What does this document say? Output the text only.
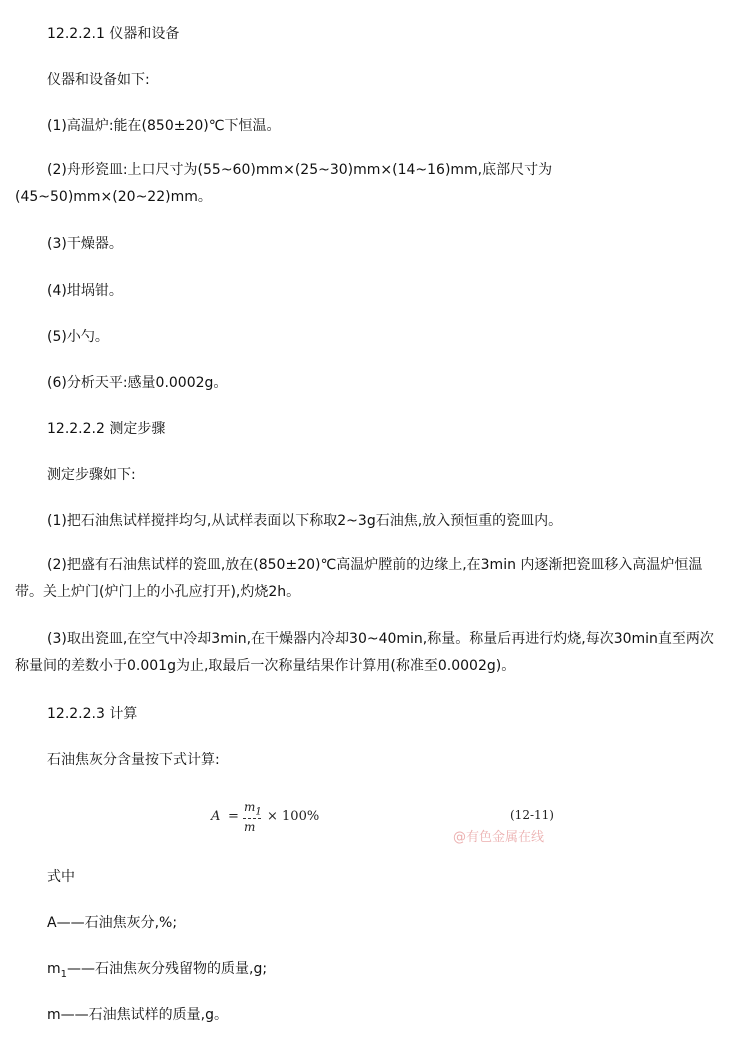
12.2.2.1 仪器和设备
仪器和设备如下:
(1)高温炉:能在(850±20)℃下恒温。
(2)舟形瓷皿:上口尺寸为(55~60)mm×(25~30)mm×(14~16)mm,底部尺寸为(45~50)mm×(20~22)mm。
(3)干燥器。
(4)坩埚钳。
(5)小勺。
(6)分析天平:感量0.0002g。
12.2.2.2 测定步骤
测定步骤如下:
(1)把石油焦试样搅拌均匀,从试样表面以下称取2~3g石油焦,放入预恒重的瓷皿内。
(2)把盛有石油焦试样的瓷皿,放在(850±20)℃高温炉膛前的边缘上,在3min 内逐渐把瓷皿移入高温炉恒温带。关上炉门(炉门上的小孔应打开),灼烧2h。
(3)取出瓷皿,在空气中冷却3min,在干燥器内冷却30~40min,称量。称量后再进行灼烧,每次30min直至两次称量间的差数小于0.001g为止,取最后一次称量结果作计算用(称准至0.0002g)。
12.2.2.3 计算
石油焦灰分含量按下式计算:
A =
$m_1$
m
× 100%	(12-11)
@有色金属在线
式中
A——石油焦灰分,%;
$m_1——$石油焦灰分残留物的质量,g;
m——石油焦试样的质量,g。
